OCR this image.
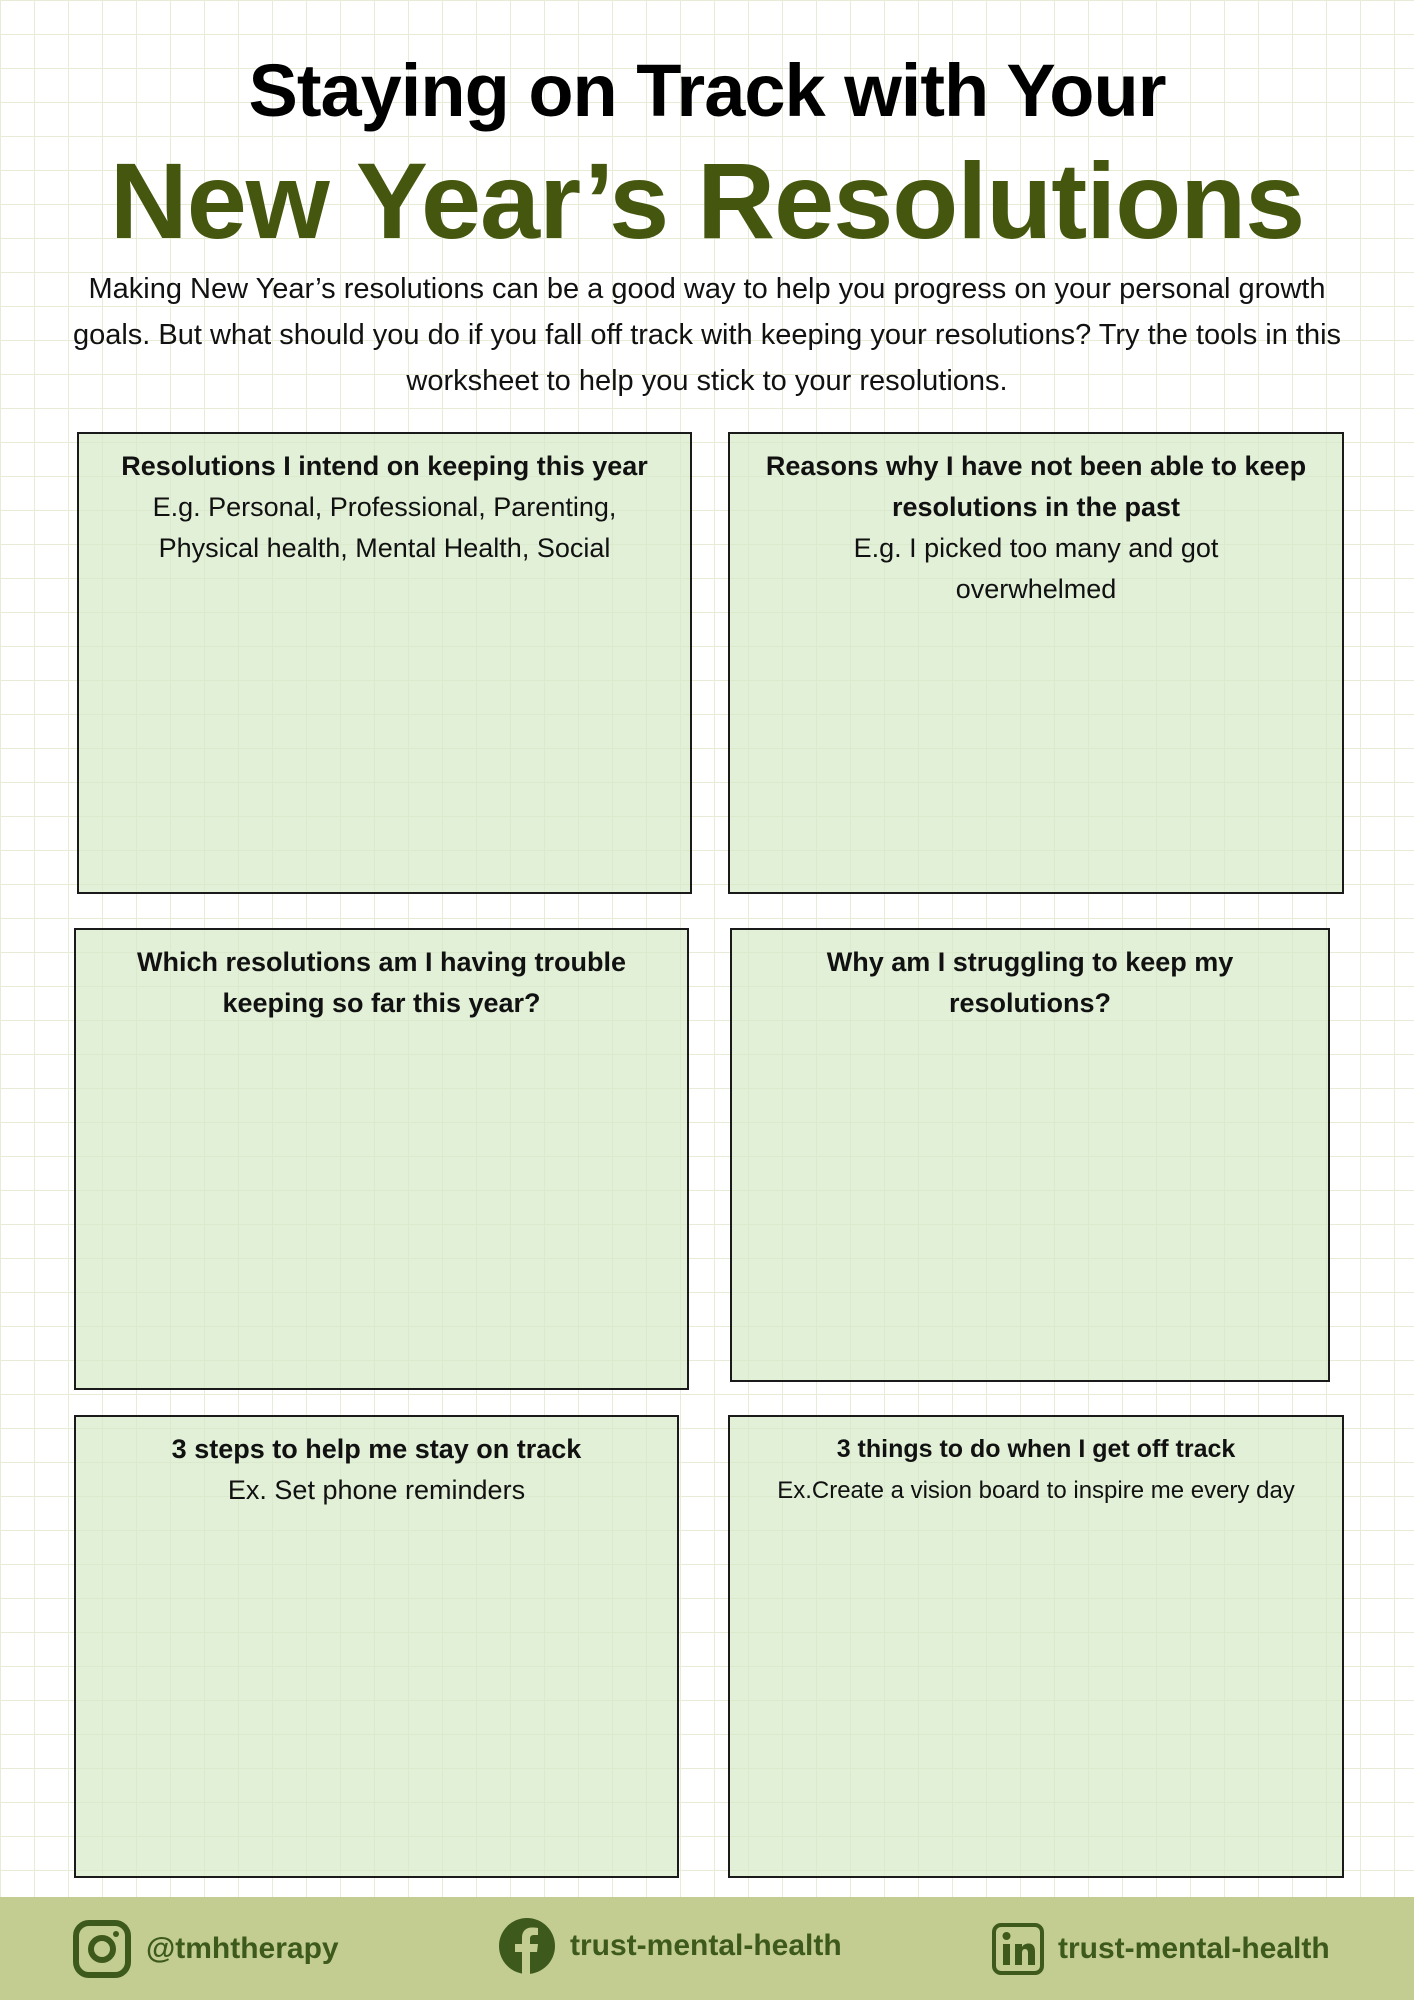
Staying on Track with Your
New Year’s Resolutions
Making New Year’s resolutions can be a good way to help you progress on your personal growth goals. But what should you do if you fall off track with keeping your resolutions? Try the tools in this worksheet to help you stick to your resolutions.
Resolutions I intend on keeping this year
E.g. Personal, Professional, Parenting, Physical health, Mental Health, Social
Reasons why I have not been able to keep resolutions in the past
E.g. I picked too many and got overwhelmed
Which resolutions am I having trouble keeping so far this year?
Why am I struggling to keep my resolutions?
3 steps to help me stay on track
Ex. Set phone reminders
3 things to do when I get off track
Ex.Create a vision board to inspire me every day
@tmhtherapy	trust-mental-health	trust-mental-health
